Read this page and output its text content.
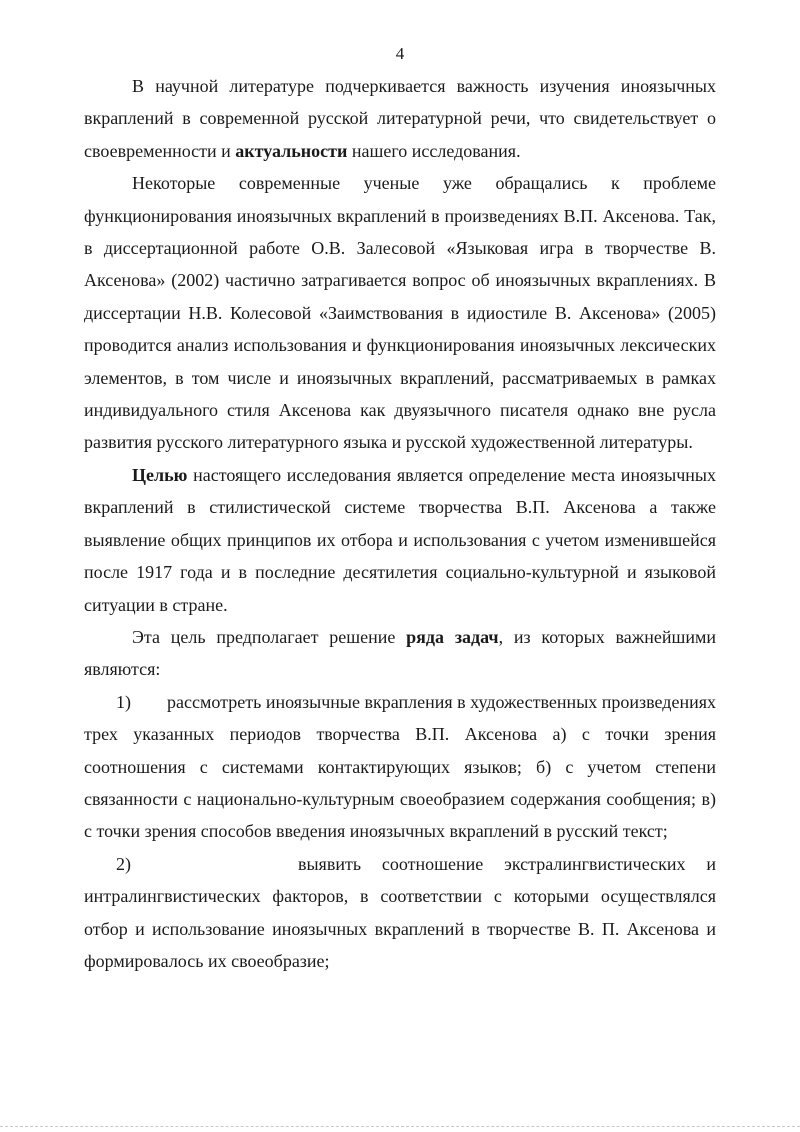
4

В научной литературе подчеркивается важность изучения иноязычных вкраплений в современной русской литературной речи, что свидетельствует о своевременности и актуальности нашего исследования.

Некоторые современные ученые уже обращались к проблеме функционирования иноязычных вкраплений в произведениях В.П. Аксенова. Так, в диссертационной работе О.В. Залесовой «Языковая игра в творчестве В. Аксенова» (2002) частично затрагивается вопрос об иноязычных вкраплениях. В диссертации Н.В. Колесовой «Заимствования в идиостиле В. Аксенова» (2005) проводится анализ использования и функционирования иноязычных лексических элементов, в том числе и иноязычных вкраплений, рассматриваемых в рамках индивидуального стиля Аксенова как двуязычного писателя однако вне русла развития русского литературного языка и русской художественной литературы.

Целью настоящего исследования является определение места иноязычных вкраплений в стилистической системе творчества В.П. Аксенова а также выявление общих принципов их отбора и использования с учетом изменившейся после 1917 года и в последние десятилетия социально-культурной и языковой ситуации в стране.

Эта цель предполагает решение ряда задач, из которых важнейшими являются:

1) рассмотреть иноязычные вкрапления в художественных произведениях трех указанных периодов творчества В.П. Аксенова а) с точки зрения соотношения с системами контактирующих языков; б) с учетом степени связанности с национально-культурным своеобразием содержания сообщения; в) с точки зрения способов введения иноязычных вкраплений в русский текст;

2)	выявить соотношение экстралингвистических и интралингвистических факторов, в соответствии с которыми осуществлялся отбор и использование иноязычных вкраплений в творчестве В. П. Аксенова и формировалось их своеобразие;
